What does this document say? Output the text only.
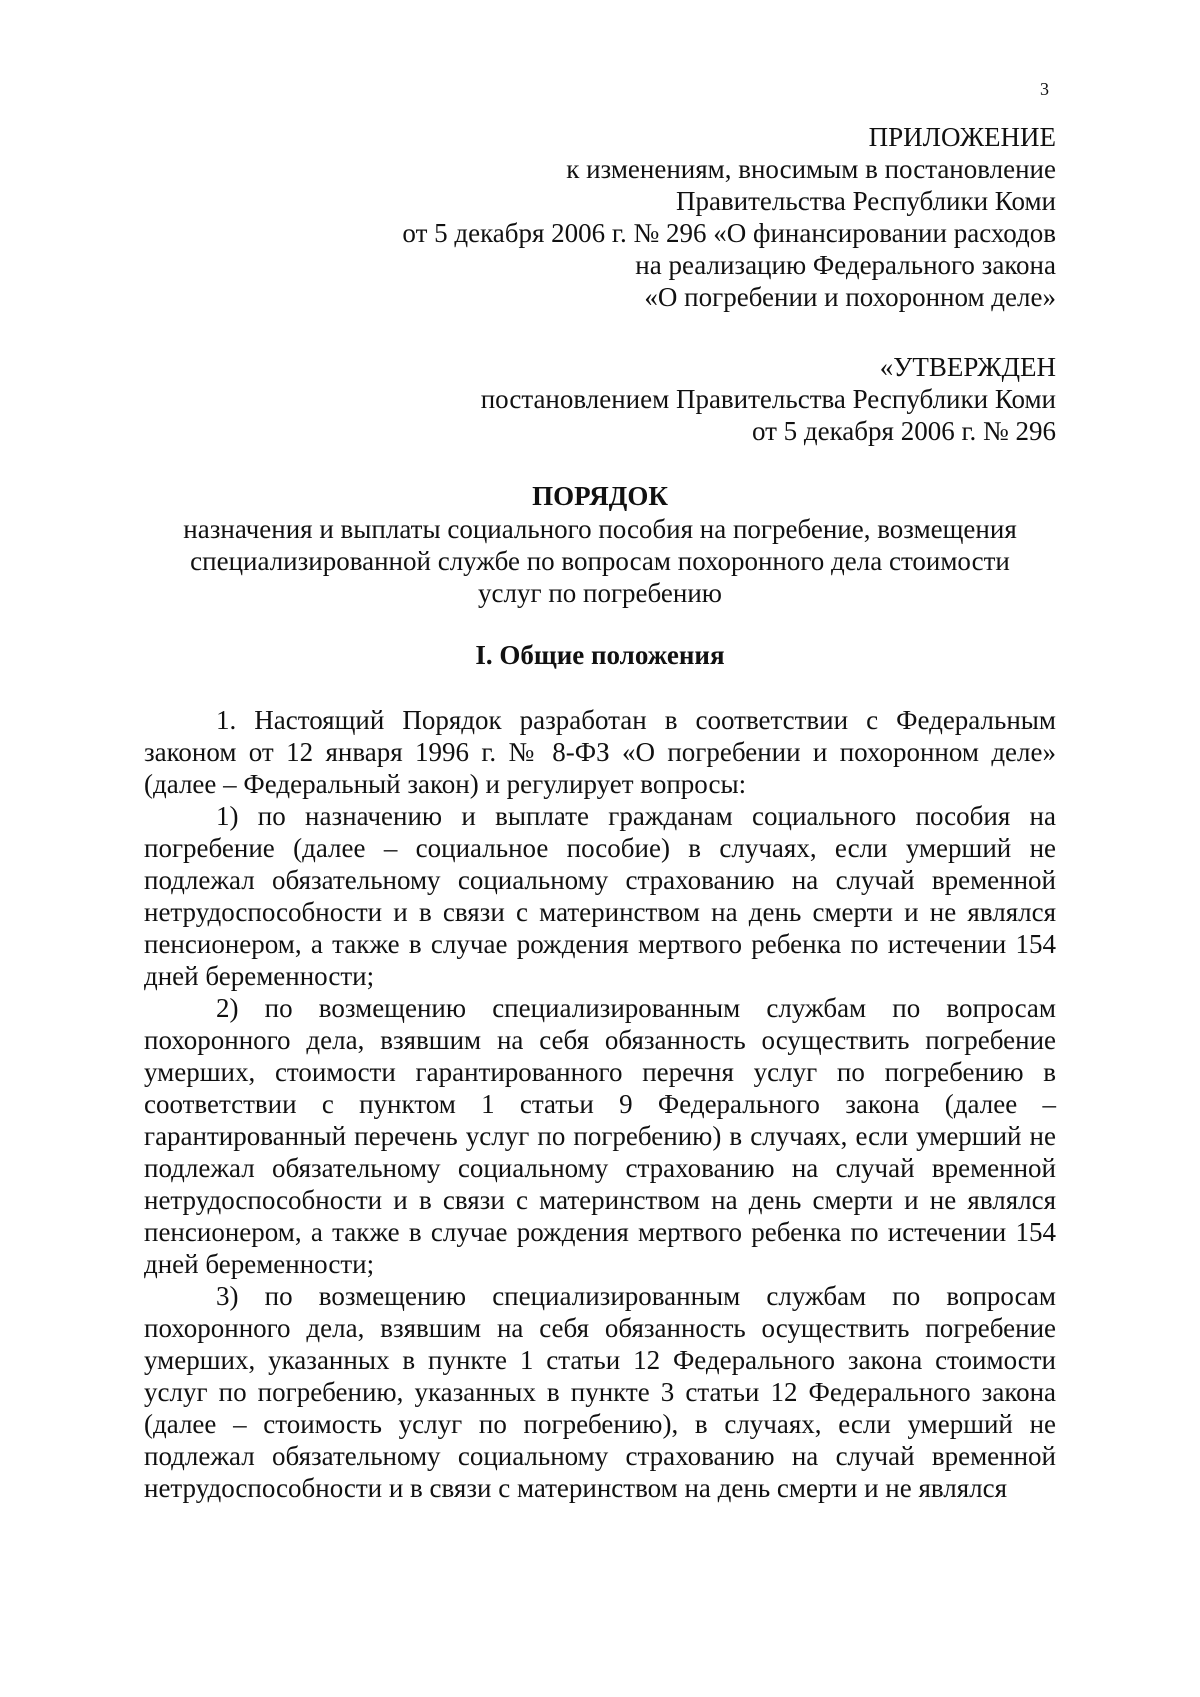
3
ПРИЛОЖЕНИЕ
к изменениям, вносимым в постановление
Правительства Республики Коми
от 5 декабря 2006 г. № 296 «О финансировании расходов
на реализацию Федерального закона
«О погребении и похоронном деле»
«УТВЕРЖДЕН
постановлением Правительства Республики Коми
от 5 декабря 2006 г. № 296
ПОРЯДОК
назначения и выплаты социального пособия на погребение, возмещения
специализированной службе по вопросам похоронного дела стоимости
услуг по погребению
I. Общие положения
1. Настоящий Порядок разработан в соответствии с Федеральным законом от 12 января 1996 г. № 8-ФЗ «О погребении и похоронном деле» (далее – Федеральный закон) и регулирует вопросы:
1) по назначению и выплате гражданам социального пособия на погребение (далее – социальное пособие) в случаях, если умерший не подлежал обязательному социальному страхованию на случай временной нетрудоспособности и в связи с материнством на день смерти и не являлся пенсионером, а также в случае рождения мертвого ребенка по истечении 154 дней беременности;
2) по возмещению специализированным службам по вопросам похоронного дела, взявшим на себя обязанность осуществить погребение умерших, стоимости гарантированного перечня услуг по погребению в соответствии с пунктом 1 статьи 9 Федерального закона (далее – гарантированный перечень услуг по погребению) в случаях, если умерший не подлежал обязательному социальному страхованию на случай временной нетрудоспособности и в связи с материнством на день смерти и не являлся пенсионером, а также в случае рождения мертвого ребенка по истечении 154 дней беременности;
3) по возмещению специализированным службам по вопросам похоронного дела, взявшим на себя обязанность осуществить погребение умерших, указанных в пункте 1 статьи 12 Федерального закона стоимости услуг по погребению, указанных в пункте 3 статьи 12 Федерального закона (далее – стоимость услуг по погребению), в случаях, если умерший не подлежал обязательному социальному страхованию на случай временной нетрудоспособности и в связи с материнством на день смерти и не являлся
